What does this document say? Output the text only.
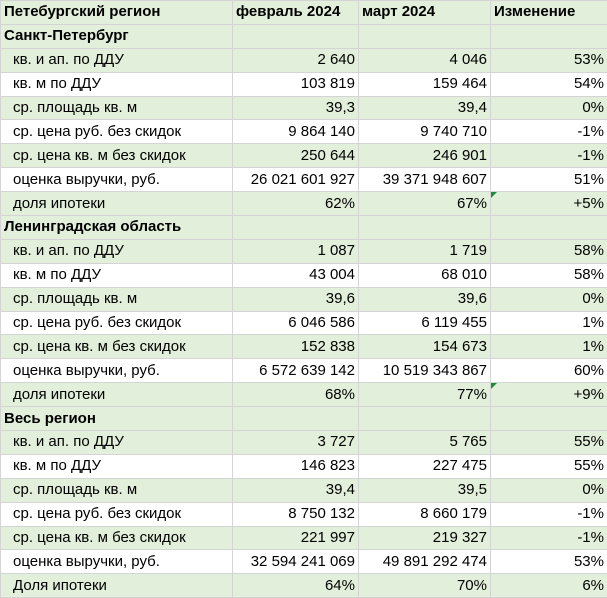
Петебургский регион	февраль 2024	март 2024	Изменение
Санкт-Петербург			
кв. и ап. по ДДУ	2 640	4 046	53%
кв. м по ДДУ	103 819	159 464	54%
ср. площадь кв. м	39,3	39,4	0%
ср. цена руб. без скидок	9 864 140	9 740 710	-1%
ср. цена кв. м без скидок	250 644	246 901	-1%
оценка выручки, руб.	26 021 601 927	39 371 948 607	51%
доля ипотеки	62%	67%	+5%
Ленинградская область			
кв. и ап. по ДДУ	1 087	1 719	58%
кв. м по ДДУ	43 004	68 010	58%
ср. площадь кв. м	39,6	39,6	0%
ср. цена руб. без скидок	6 046 586	6 119 455	1%
ср. цена кв. м без скидок	152 838	154 673	1%
оценка выручки, руб.	6 572 639 142	10 519 343 867	60%
доля ипотеки	68%	77%	+9%
Весь регион			
кв. и ап. по ДДУ	3 727	5 765	55%
кв. м по ДДУ	146 823	227 475	55%
ср. площадь кв. м	39,4	39,5	0%
ср. цена руб. без скидок	8 750 132	8 660 179	-1%
ср. цена кв. м без скидок	221 997	219 327	-1%
оценка выручки, руб.	32 594 241 069	49 891 292 474	53%
Доля ипотеки	64%	70%	6%
